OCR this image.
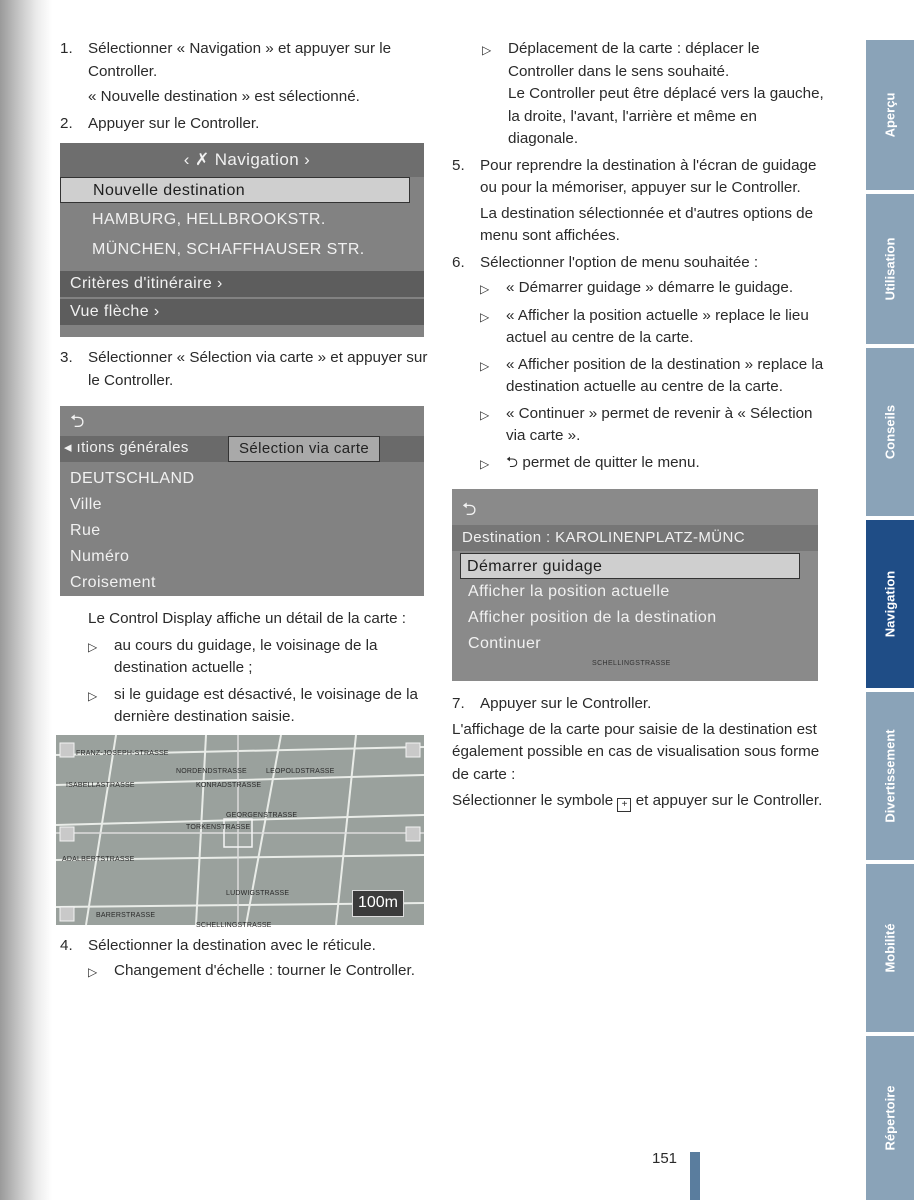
1.	Sélectionner « Navigation » et appuyer sur le Controller.
« Nouvelle destination » est sélectionné.
2.	Appuyer sur le Controller.
‹ ✗ Navigation ›
Nouvelle destination
HAMBURG, HELLBROOKSTR.
MÜNCHEN, SCHAFFHAUSER STR.
Critères d'itinéraire ›
Vue flèche ›
3.	Sélectionner « Sélection via carte » et appuyer sur le Controller.
⮌
◂ ıtions générales	Sélection via carte
DEUTSCHLAND
Ville
Rue
Numéro
Croisement
Le Control Display affiche un détail de la carte :
▷	au cours du guidage, le voisinage de la destination actuelle ;
▷	si le guidage est désactivé, le voisinage de la dernière destination saisie.
FRANZ-JOSEPH-STRASSE
NORDENDSTRASSE	LEOPOLDSTRASSE
ISABELLASTRASSE	KONRADSTRASSE
GEORGENSTRASSE
TORKENSTRASSE
ADALBERTSTRASSE
LUDWIGSTRASSE
BARERSTRASSE
SCHELLINGSTRASSE
100m
4.	Sélectionner la destination avec le réticule.
▷	Changement d'échelle : tourner le Controller.
▷	Déplacement de la carte : déplacer le Controller dans le sens souhaité.
Le Controller peut être déplacé vers la gauche, la droite, l'avant, l'arrière et même en diagonale.
5.	Pour reprendre la destination à l'écran de guidage ou pour la mémoriser, appuyer sur le Controller.
La destination sélectionnée et d'autres options de menu sont affichées.
6.	Sélectionner l'option de menu souhaitée :
▷	« Démarrer guidage » démarre le guidage.
▷	« Afficher la position actuelle » replace le lieu actuel au centre de la carte.
▷	« Afficher position de la destination » replace la destination actuelle au centre de la carte.
▷	« Continuer » permet de revenir à « Sélection via carte ».
▷	⮌ permet de quitter le menu.
⮌
Destination : KAROLINENPLATZ-MÜNC
Démarrer guidage
Afficher la position actuelle
Afficher position de la destination
Continuer
SCHELLINGSTRASSE
7.	Appuyer sur le Controller.
L'affichage de la carte pour saisie de la destination est également possible en cas de visualisation sous forme de carte :
Sélectionner le symbole + et appuyer sur le Controller.
Aperçu
Utilisation
Conseils
Navigation
Divertissement
Mobilité
Répertoire
151
